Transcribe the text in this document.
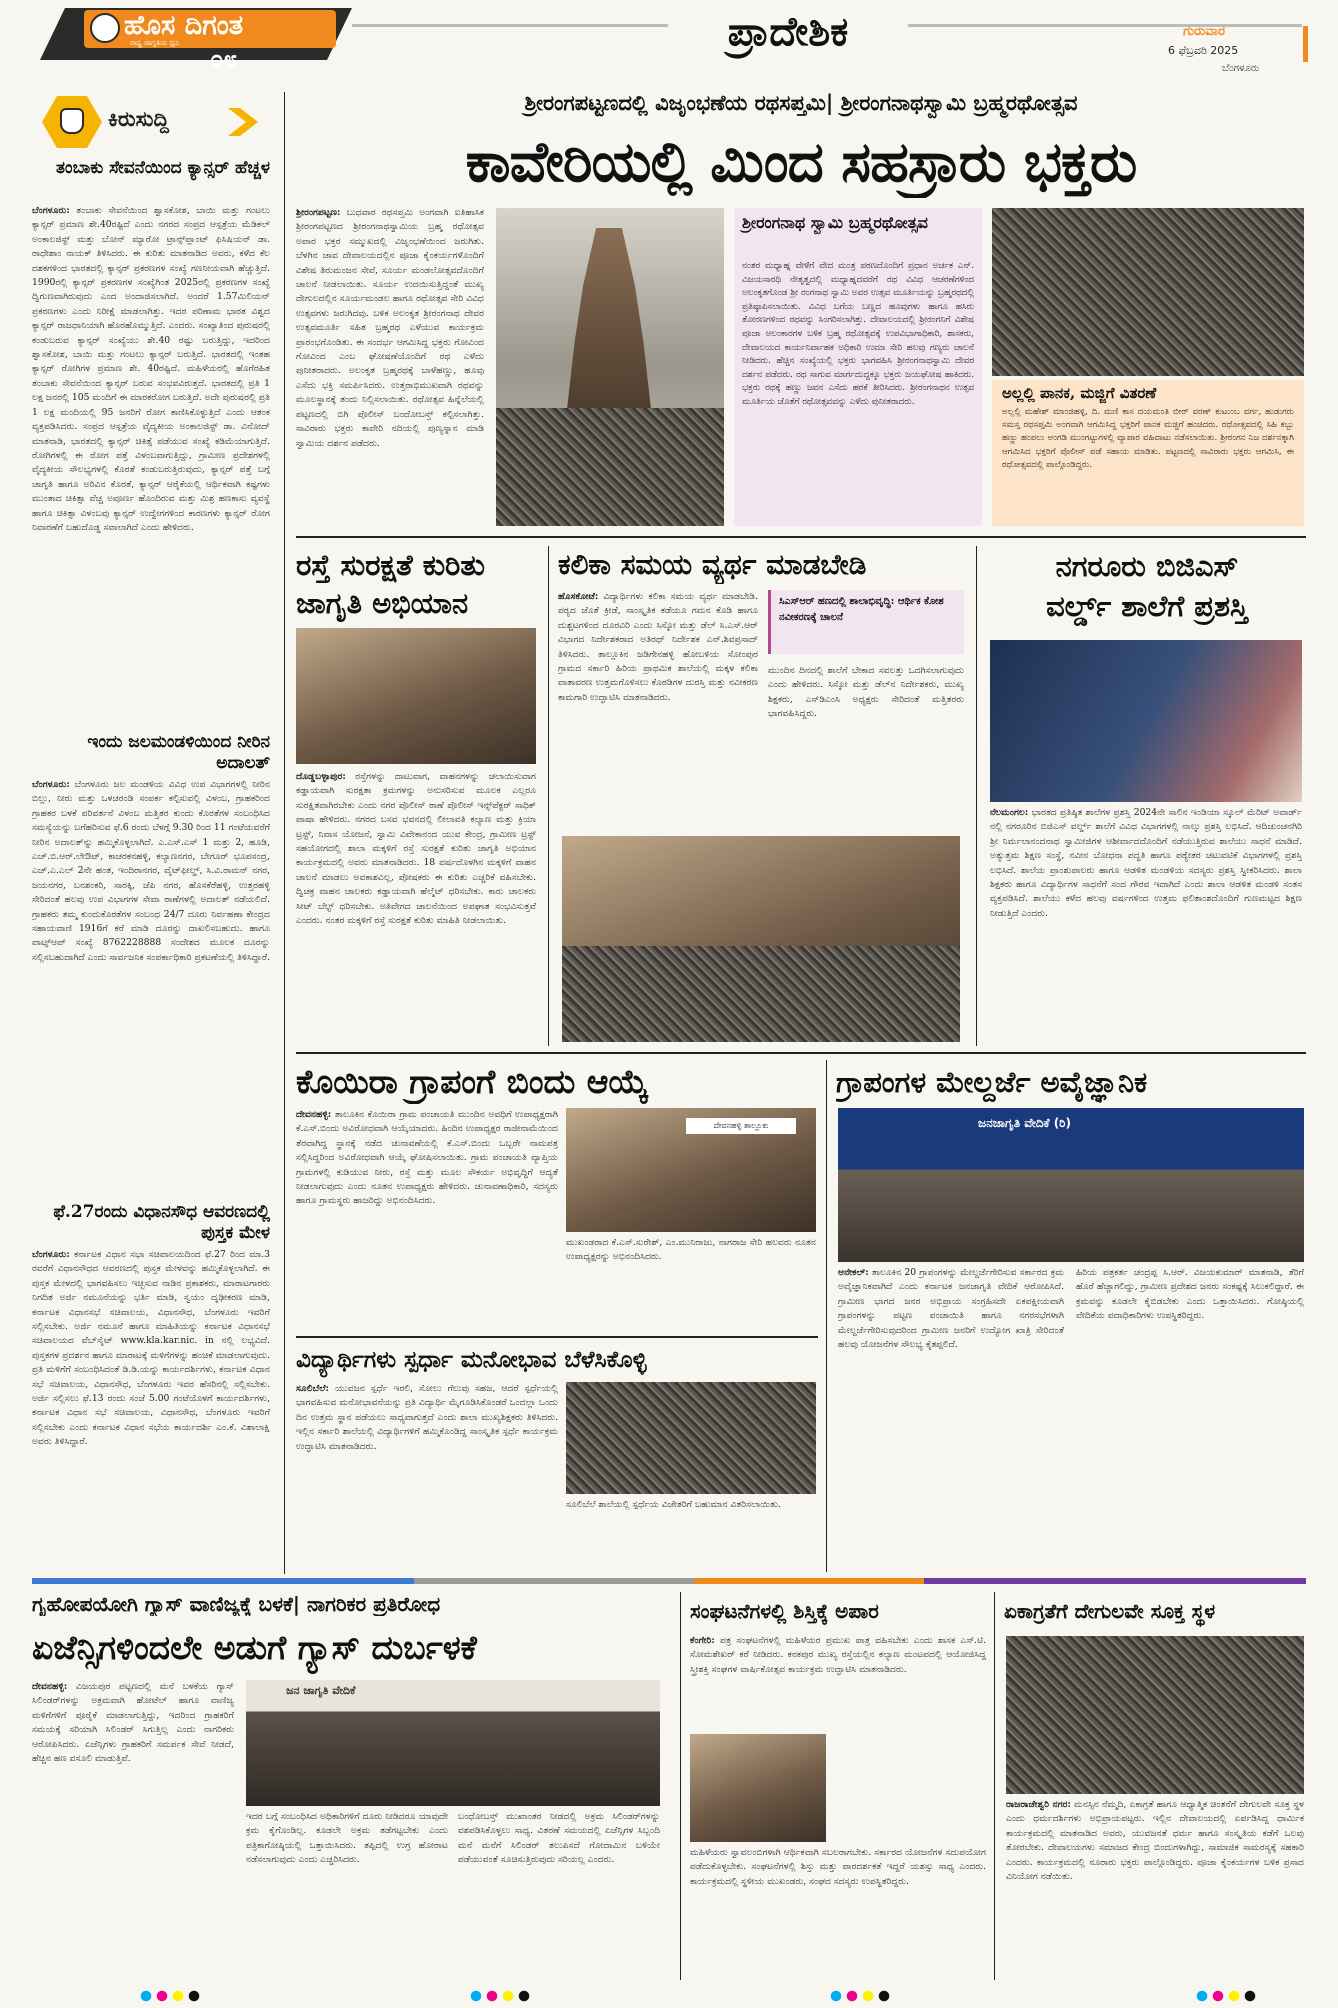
ಹೊಸ ದಿಗಂತ
ರಾಷ್ಟ್ರ ಜಾಗೃತಿಯ ಧ್ವನಿ
೦೮
ಪ್ರಾದೇಶಿಕ	ಗುರುವಾರ
6 ಫೆಬ್ರವರಿ 2025
ಬೆಂಗಳೂರು
ಕಿರುಸುದ್ದಿ
ತಂಬಾಕು ಸೇವನೆಯಿಂದ ಕ್ಯಾನ್ಸರ್ ಹೆಚ್ಚಳ
ಬೆಂಗಳೂರು: ತಂಬಾಕು ಸೇವನೆಯಿಂದ ಶ್ವಾಸಕೋಶ, ಬಾಯಿ ಮತ್ತು ಗಂಟಲು ಕ್ಯಾನ್ಸರ್ ಪ್ರಮಾಣ ಶೇ.40ರಷ್ಟಿದೆ ಎಂದು ನಗರದ ಸಂಪ್ರದ ಆಸ್ಪತ್ರೆಯ ಮೆಡಿಕಲ್ ಅಂಕಾಲಜಿಸ್ಟ್ ಮತ್ತು ಬೋನ್ ಮ್ಯಾರೋ ಟ್ರಾನ್ಸ್‌ಪ್ಲಾಂಟ್ ಫಿಸಿಷಿಯನ್ ಡಾ. ರಾಧೇಶಾಂ ನಾಯಕ್ ತಿಳಿಸಿದರು. ಈ ಕುರಿತು ಮಾತನಾಡಿದ ಅವರು, ಕಳೆದ ಕೆಲ ದಶಕಗಳಿಂದ ಭಾರತದಲ್ಲಿ ಕ್ಯಾನ್ಸರ್ ಪ್ರಕರಣಗಳ ಸಂಖ್ಯೆ ಗಣನೀಯವಾಗಿ ಹೆಚ್ಚುತ್ತಿದೆ. 1990ರಲ್ಲಿ ಕ್ಯಾನ್ಸರ್ ಪ್ರಕರಣಗಳ ಸಂಖ್ಯೆಗಿಂತ 2025ರಲ್ಲಿ ಪ್ರಕರಣಗಳ ಸಂಖ್ಯೆ ದ್ವಿಗುಣವಾಗಿರುವುದು ಎಂದ ಅಂದಾಜಿಸಲಾಗಿದೆ. ಅಂದರೆ 1.57ಮಿಲಿಯನ್ ಪ್ರಕರಣಗಳು ಎಂದು ನಿರೀಕ್ಷೆ ಮಾಡಲಾಗಿತ್ತು. ಇದರ ಪರಿಣಾಮ ಭಾರತ ವಿಶ್ವದ ಕ್ಯಾನ್ಸರ್ ರಾಜಧಾನಿಯಾಗಿ ಹೊರಹೊಮ್ಮುತ್ತಿದೆ. ಎಂದರು. ಸಂಖ್ಯಾತಿಂದ ಪುರುಷರಲ್ಲಿ ಕಂಡುಬರುವ ಕ್ಯಾನ್ಸರ್ ಸಂಖ್ಯೆಯು ಶೇ.40 ರಷ್ಟು ಬರುತ್ತಿದ್ದು, ಇದರಿಂದ ಶ್ವಾಸಕೋಶ, ಬಾಯಿ ಮತ್ತು ಗಂಟಲು ಕ್ಯಾನ್ಸರ್ ಬರುತ್ತಿದೆ. ಭಾರತದಲ್ಲಿ ಇಂತಹ ಕ್ಯಾನ್ಸರ್ ರೋಗಿಗಳ ಪ್ರಮಾಣ ಶೇ. 40ರಷ್ಟಿದೆ. ಮಹಿಳೆಯರಲ್ಲಿ ಹೊಗೆರಹಿತ ತಂಬಾಕು ಸೇವನೆಯಿಂದ ಕ್ಯಾನ್ಸರ್ ಬರುವ ಸಂಭವವಿರುತ್ತದೆ. ಭಾರತದಲ್ಲಿ ಪ್ರತಿ 1 ಲಕ್ಷ ಜನರಲ್ಲಿ 105 ಮಂದಿಗೆ ಈ ಮಾರಕರೋಗ ಬರುತ್ತಿದೆ. ಅದೇ ಪುರುಷರಲ್ಲಿ ಪ್ರತಿ 1 ಲಕ್ಷ ಮಂದಿಯಲ್ಲಿ 95 ಜನರಿಗೆ ರೋಗ ಕಾಣಿಸಿಕೊಳ್ಳುತ್ತಿದೆ ಎಂದು ಆತಂಕ ವ್ಯಕ್ತಪಡಿಸಿದರು. ಸಂಪ್ರದ ಆಸ್ಪತ್ರೆಯ ವೈದ್ಯಕೀಯ ಅಂಕಾಲಜಿಸ್ಟ್ ಡಾ. ವಿನೋದ್ ಮಾತನಾಡಿ, ಭಾರತದಲ್ಲಿ ಕ್ಯಾನ್ಸರ್ ಚಿಕಿತ್ಸೆ ಪಡೆಯುವ ಸಂಖ್ಯೆ ಕಡಿಮೆಯಾಗುತ್ತಿದೆ. ರೋಗಿಗಳಲ್ಲಿ ಈ ರೋಗ ಪತ್ತೆ ವಿಳಂಬವಾಗುತ್ತಿದ್ದು, ಗ್ರಾಮೀಣ ಪ್ರದೇಶಗಳಲ್ಲಿ ವೈದ್ಯಕೀಯ ಸೌಲಭ್ಯಗಳಲ್ಲಿ ಕೊರತೆ ಕಂಡುಬರುತ್ತಿರುವುದು, ಕ್ಯಾನ್ಸರ್ ಪತ್ತೆ ಬಗ್ಗೆ ಜಾಗೃತಿ ಹಾಗೂ ಅರಿವಿನ ಕೊರತೆ, ಕ್ಯಾನ್ಸರ್ ಆರೈಕೆಯಲ್ಲಿ ಆರ್ಥಿಕವಾಗಿ ಕಷ್ಟಗಳು ಮುಂತಾದ ಚಿಕಿತ್ಸಾ ವೆಚ್ಚ ಅಪೂರ್ಣ ಹೊಂದಿರುವ ಮತ್ತು ಮಿಶ್ರ ಹಣಕಾಸು ವ್ಯವಸ್ಥೆ ಹಾಗೂ ಚಿಕಿತ್ಸಾ ವಿಳಂಬವು ಕ್ಯಾನ್ಸರ್ ಉದ್ವೇಗಗಳಿಂದ ಕಾರಣಗಳು ಕ್ಯಾನ್ಸರ್ ರೋಗ ನಿವಾರಣೆಗೆ ಬಹುದೊಡ್ಡ ಸವಾಲಾಗಿದೆ ಎಂದು ಹೇಳಿದರು.
ಇಂದು ಜಲಮಂಡಳಿಯಿಂದ ನೀರಿನ ಅದಾಲತ್
ಬೆಂಗಳೂರು: ಬೆಂಗಳೂರು ಜಲ ಮಂಡಳಿಯ ವಿವಿಧ ಉಪ ವಿಭಾಗಗಳಲ್ಲಿ ನೀರಿನ ಬಿಲ್ಲು, ನೀರು ಮತ್ತು ಒಳಚರಂಡಿ ಸಂಪರ್ಕ ಕಲ್ಪಿಸುವಲ್ಲಿ ವಿಳಂಬ, ಗ್ರಾಹಕರಿಂದ ಗ್ರಾಹಕರ ಬಳಕೆ ಪರಿವರ್ತನೆ ವಿಳಂಬ ಮತ್ತಿತರ ಕುಂದು ಕೊರತೆಗಳ ಸಂಬಂಧಿಸಿದ ಸಮಸ್ಯೆಯನ್ನು ಬಗೆಹರಿಸುವ ಫೆ.6 ರಂದು ಬೆಳಗ್ಗೆ 9.30 ರಿಂದ 11 ಗಂಟೆಯವರೆಗೆ ನೀರಿನ ಅದಾಲತ್‌ನ್ನು ಹಮ್ಮಿಕೊಳ್ಳಲಾಗಿದೆ. ಎ.ಎಸ್.ಎಸ್ 1 ಮತ್ತು 2, ಹೂಡಿ, ಎಚ್.ಬಿ.ಆರ್.ಲೇಔಟ್, ಕಾಚರಕನಹಳ್ಳಿ, ಕಲ್ಯಾಣನಗರ, ಬೇಗೂರ್ ಭೂಪಸಂದ್ರ, ಎಚ್.ಎ.ಎಲ್ 2ನೇ ಹಂತ, ಇಂದಿರಾನಗರ, ವೈಟ್‌ಫೀಲ್ಡ್, ಸಿ.ವಿ.ರಾಮನ್ ನಗರ, ಜಯನಗರ, ಬನಶಂಕರಿ, ಸಾರಕ್ಕಿ, ಜೆಪಿ ನಗರ, ಹೊಸಕೆರೆಹಳ್ಳಿ, ಉತ್ತರಹಳ್ಳಿ ಸೇರಿದಂತೆ ಹಲವು ಉಪ ವಿಭಾಗಗಳ ಸೇವಾ ಠಾಣೆಗಳಲ್ಲಿ ಅದಾಲತ್ ನಡೆಯಲಿದೆ. ಗ್ರಾಹಕರು ತಮ್ಮ ಕುಂದುಕೊರತೆಗಳ ಸಂಬಂಧ 24/7 ದೂರು ನಿರ್ವಹಣಾ ಕೇಂದ್ರದ ಸಹಾಯವಾಣಿ 1916ಗೆ ಕರೆ ಮಾಡಿ ದೂರನ್ನು ದಾಖಲಿಸಬಹುದು. ಹಾಗೂ ವಾಟ್ಸ್‌ಆಪ್ ಸಂಖ್ಯೆ 8762228888 ಸಂದೇಶದ ಮೂಲಕ ದೂರನ್ನು ಸಲ್ಲಿಸಬಹುದಾಗಿದೆ ಎಂದು ಸಾರ್ವಜನಿಕ ಸಂಪರ್ಕಾಧಿಕಾರಿ ಪ್ರಕಟಣೆಯಲ್ಲಿ ತಿಳಿಸಿದ್ದಾರೆ.
ಫೆ.27ರಂದು ವಿಧಾನಸೌಧ ಆವರಣದಲ್ಲಿ ಪುಸ್ತಕ ಮೇಳ
ಬೆಂಗಳೂರು: ಕರ್ನಾಟಕ ವಿಧಾನ ಸಭಾ ಸಚಿವಾಲಯದಿಂದ ಫೆ.27 ರಿಂದ ಮಾ.3 ರವರೆಗೆ ವಿಧಾನಸೌಧದ ಆವರಣದಲ್ಲಿ ಪುಸ್ತಕ ಮೇಳವನ್ನು ಹಮ್ಮಿಕೊಳ್ಳಲಾಗಿದೆ. ಈ ಪುಸ್ತಕ ಮೇಳದಲ್ಲಿ ಭಾಗವಹಿಸಲು ಇಚ್ಛಿಸುವ ನಾಡಿನ ಪ್ರಕಾಶಕರು, ಮಾರಾಟಗಾರರು ನಿಗದಿತ ಅರ್ಜಿ ನಮೂನೆಯನ್ನು ಭರ್ತಿ ಮಾಡಿ, ಸ್ವಯಂ ದೃಢೀಕರಣ ಮಾಡಿ, ಕರ್ನಾಟಕ ವಿಧಾನಸಭೆ ಸಚಿವಾಲಯ, ವಿಧಾನಸೌಧ, ಬೆಂಗಳೂರು ಇವರಿಗೆ ಸಲ್ಲಿಸಬೇಕು. ಅರ್ಜಿ ನಮೂನೆ ಹಾಗೂ ಮಾಹಿತಿಯನ್ನು ಕರ್ನಾಟಕ ವಿಧಾನಸಭೆ ಸಚಿವಾಲಯದ ವೆಬ್‌ಸೈಟ್ www.kla.kar.nic. in ನಲ್ಲಿ ಲಭ್ಯವಿದೆ. ಪುಸ್ತಕಗಳ ಪ್ರದರ್ಶನ ಹಾಗೂ ಮಾರಾಟಕ್ಕೆ ಮಳಿಗೆಗಳನ್ನು ಹಂಚಿಕೆ ಮಾಡಲಾಗುವುದು. ಪ್ರತಿ ಮಳಿಗೆಗೆ ಸಂಬಂಧಿಸಿದಂತೆ ಡಿ.ಡಿ.ಯನ್ನು ಕಾರ್ಯದರ್ಶಿಗಳು, ಕರ್ನಾಟಕ ವಿಧಾನ ಸಭೆ ಸಚಿವಾಲಯ, ವಿಧಾನಸೌಧ, ಬೆಂಗಳೂರು ಇವರ ಹೆಸರಿನಲ್ಲಿ ಸಲ್ಲಿಸಬೇಕು. ಅರ್ಜಿ ಸಲ್ಲಿಸಲು ಫೆ.13 ರಂದು ಸಂಜೆ 5.00 ಗಂಟೆಯೊಳಗೆ ಕಾರ್ಯದರ್ಶಿಗಳು, ಕರ್ನಾಟಕ ವಿಧಾನ ಸಭೆ ಸಚಿವಾಲಯ, ವಿಧಾನಸೌಧ, ಬೆಂಗಳೂರು ಇವರಿಗೆ ಸಲ್ಲಿಸಬೇಕು ಎಂದು ಕರ್ನಾಟಕ ವಿಧಾನ ಸಭೆಯ ಕಾರ್ಯದರ್ಶಿ ಎಂ.ಕೆ. ವಿಶಾಲಾಕ್ಷಿ ಅವರು ತಿಳಿಸಿದ್ದಾರೆ.
ಶ್ರೀರಂಗಪಟ್ಟಣದಲ್ಲಿ ವಿಜೃಂಭಣೆಯ ರಥಸಪ್ತಮಿ| ಶ್ರೀರಂಗನಾಥಸ್ವಾಮಿ ಬ್ರಹ್ಮರಥೋತ್ಸವ
ಕಾವೇರಿಯಲ್ಲಿ ಮಿಂದ ಸಹಸ್ರಾರು ಭಕ್ತರು
ಶ್ರೀರಂಗಪಟ್ಟಣ: ಬುಧವಾರ ರಥಸಪ್ತಮಿ ಅಂಗವಾಗಿ ಐತಿಹಾಸಿಕ ಶ್ರೀರಂಗಪಟ್ಟಣದ ಶ್ರೀರಂಗನಾಥಸ್ವಾಮಿಯ ಬ್ರಹ್ಮ ರಥೋತ್ಸವ ಅಪಾರ ಭಕ್ತರ ಸಮ್ಮುಖದಲ್ಲಿ ವಿಜೃಂಭಣೆಯಿಂದ ಜರುಗಿತು. ಬೆಳಗಿನ ಜಾವ ದೇವಾಲಯದಲ್ಲಿನ ಪೂಜಾ ಕೈಂಕರ್ಯಗಳೊಂದಿಗೆ ವಿಶೇಷ ತಿರುಮಂಜನ ಸೇವೆ, ಸೂರ್ಯ ಮಂಡಲೋತ್ಸವದೊಂದಿಗೆ ಚಾಲನೆ ನೀಡಲಾಯಿತು. ಸೂರ್ಯ ಉದಯಿಸುತ್ತಿದ್ದಂತೆ ಮುಖ್ಯ ದೇಗುಲದಲ್ಲಿನ ಸೂರ್ಯಮಂಡಲ ಹಾಗೂ ರಥೋತ್ಸವ ಸೇರಿ ವಿವಿಧ ಉತ್ಸವಗಳು ಜರುಗಿದವು. ಬಳಿಕ ಅಲಂಕೃತ ಶ್ರೀರಂಗನಾಥ ದೇವರ ಉತ್ಸವಮೂರ್ತಿ ಸಹಿತ ಬ್ರಹ್ಮರಥ ಎಳೆಯುವ ಕಾರ್ಯಕ್ರಮ ಪ್ರಾರಂಭಗೊಂಡಿತು. ಈ ಸಂದರ್ಭ ಆಗಮಿಸಿದ್ದ ಭಕ್ತರು ಗೋವಿಂದ ಗೋವಿಂದ ಎಂಬ ಘೋಷಣೆಯೊಂದಿಗೆ ರಥ ಎಳೆದು ಪುನೀತರಾದರು. ಅಲಂಕೃತ ಬ್ರಹ್ಮರಥಕ್ಕೆ ಬಾಳೆಹಣ್ಣು, ಹೂವು ಎಸೆದು ಭಕ್ತಿ ಸಮರ್ಪಿಸಿದರು. ಉತ್ತರಾಭಿಮುಖವಾಗಿ ರಥವನ್ನು ಮೂಲಸ್ಥಾನಕ್ಕೆ ತಂದು ನಿಲ್ಲಿಸಲಾಯಿತು. ರಥೋತ್ಸವ ಹಿನ್ನೆಲೆಯಲ್ಲಿ ಪಟ್ಟಣದಲ್ಲಿ ಬಿಗಿ ಪೊಲೀಸ್ ಬಂದೋಬಸ್ತ್ ಕಲ್ಪಿಸಲಾಗಿತ್ತು. ಸಾವಿರಾರು ಭಕ್ತರು ಕಾವೇರಿ ನದಿಯಲ್ಲಿ ಪುಣ್ಯಸ್ನಾನ ಮಾಡಿ ಸ್ವಾಮಿಯ ದರ್ಶನ ಪಡೆದರು.
ಶ್ರೀರಂಗನಾಥ ಸ್ವಾಮಿ ಬ್ರಹ್ಮರಥೋತ್ಸವ
ನಂತರ ಮಧ್ಯಾಹ್ನ ವೇಳೆಗೆ ವೇದ ಮಂತ್ರ ಪಠಣದೊಂದಿಗೆ ಪ್ರಧಾನ ಅರ್ಚಕ ಎನ್. ವಿಜಯಸಾರಥಿ ನೇತೃತ್ವದಲ್ಲಿ ಮಧ್ಯಾಹ್ನದವರೆಗೆ ರಥ ವಿವಿಧ ಆಚರಣೆಗಳಿಂದ ಅಲಂಕೃತಗೊಂಡ ಶ್ರೀ ರಂಗನಾಥ ಸ್ವಾಮಿ ಅವರ ಉತ್ಸವ ಮೂರ್ತಿಯನ್ನು ಬ್ರಹ್ಮರಥದಲ್ಲಿ ಪ್ರತಿಷ್ಠಾಪಿಸಲಾಯಿತು. ವಿವಿಧ ಬಗೆಯ ಬಣ್ಣದ ಹೂವುಗಳು ಹಾಗೂ ಹಸಿರು ತೋರಣಗಳಿಂದ ರಥವನ್ನು ಸಿಂಗರಿಸಲಾಗಿತ್ತು. ದೇವಾಲಯದಲ್ಲಿ ಶ್ರೀರಂಗನಿಗೆ ವಿಶೇಷ ಪೂಜಾ ಅಲಂಕಾರಗಳ ಬಳಿಕ ಬ್ರಹ್ಮ ರಥೋತ್ಸವಕ್ಕೆ ಉಪವಿಭಾಗಾಧಿಕಾರಿ, ಶಾಸಕರು, ದೇವಾಲಯದ ಕಾರ್ಯನಿರ್ವಾಹಕ ಅಧಿಕಾರಿ ಉಮಾ ಸೇರಿ ಹಲವು ಗಣ್ಯರು ಚಾಲನೆ ನೀಡಿದರು. ಹೆಚ್ಚಿನ ಸಂಖ್ಯೆಯಲ್ಲಿ ಭಕ್ತರು ಭಾಗವಹಿಸಿ ಶ್ರೀರಂಗನಾಥಸ್ವಾಮಿ ದೇವರ ದರ್ಶನ ಪಡೆದರು. ರಥ ಸಾಗುವ ಮಾರ್ಗದುದ್ದಕ್ಕೂ ಭಕ್ತರು ಜಯಘೋಷ ಹಾಕಿದರು. ಭಕ್ತರು ರಥಕ್ಕೆ ಹಣ್ಣು ಜವನ ಎಸೆದು ಹರಕೆ ತೀರಿಸಿದರು. ಶ್ರೀರಂಗನಾಥನ ಉತ್ಸವ ಮೂರ್ತಿಯ ಜೊತೆಗೆ ರಥೋತ್ಸವವನ್ನು ಎಳೆದು ಪುನೀತರಾದರು.	ಅಲ್ಲಲ್ಲಿ ಪಾನಕ, ಮಜ್ಜಿಗೆ ವಿತರಣೆ
ಅಲ್ಲಲ್ಲಿ ಮಹೇಶ್ ಮಾಂಜಿಹಳ್ಳಿ, ದಿ. ಮಣಿ ಕಾಸ ದಯಮಂತಿ ಬೀರ್ ವರಣ್ ಕುಟುಂಬ ವರ್ಗ, ಹುಡುಗರು ಸಮಸ್ತ ರಥಸಪ್ತಮಿ ಅಂಗವಾಗಿ ಆಗಮಿಸಿದ್ದ ಭಕ್ತರಿಗೆ ಪಾನಕ ಮಜ್ಜಿಗೆ ಹಂಚಿದರು. ರಥೋತ್ಸವದಲ್ಲಿ ಸಿಹಿ ಕಬ್ಬು ಹಣ್ಣು ಹಂಪಲು ಅಂಗಡಿ ಮುಂಗಟ್ಟುಗಳಲ್ಲಿ ವ್ಯಾಪಾರ ವಹಿವಾಟು ನಡೆಸಲಾಯಿತು. ಶ್ರೀರಂಗನ ನಿಜ ದರ್ಶನಕ್ಕಾಗಿ ಆಗಮಿಸಿದ ಭಕ್ತರಿಗೆ ಪೊಲೀಸ್ ಪಡೆ ಸಹಾಯ ಮಾಡಿತು. ಪಟ್ಟಣದಲ್ಲಿ ಸಾವಿರಾರು ಭಕ್ತರು ಆಗಮಿಸಿ, ಈ ರಥೋತ್ಸವದಲ್ಲಿ ಪಾಲ್ಗೊಂಡಿದ್ದರು.
ರಸ್ತೆ ಸುರಕ್ಷತೆ ಕುರಿತು
ಜಾಗೃತಿ ಅಭಿಯಾನ
ದೊಡ್ಡಬಳ್ಳಾಪುರ: ರಸ್ತೆಗಳನ್ನು ದಾಟುವಾಗ, ವಾಹನಗಳನ್ನು ಚಲಾಯಿಸುವಾಗ ಕಡ್ಡಾಯವಾಗಿ ಸುರಕ್ಷತಾ ಕ್ರಮಗಳನ್ನು ಅನುಸರಿಸುವ ಮೂಲಕ ಎಲ್ಲರೂ ಸುರಕ್ಷಿತವಾಗಿರಬೇಕು ಎಂದು ನಗರ ಪೊಲೀಸ್ ಠಾಣೆ ಪೊಲೀಸ್ ಇನ್ಸ್‌ಪೆಕ್ಟರ್ ಸಾಧಿಕ್ ಪಾಷಾ ಹೇಳಿದರು. ನಗರದ ಬಸವ ಭವನದಲ್ಲಿ ಲೀಲಾವತಿ ಕಲ್ಯಾಣ ಮತ್ತು ಕ್ರಿಯಾ ಟ್ರಸ್ಟ್, ನಿವಾಸ ಯೋಜನೆ, ಸ್ವಾಮಿ ವಿವೇಕಾನಂದ ಯುವ ಕೇಂದ್ರ, ಗ್ರಾಮೀಣ ಟ್ರಸ್ಟ್ ಸಹಯೋಗದಲ್ಲಿ ಶಾಲಾ ಮಕ್ಕಳಿಗೆ ರಸ್ತೆ ಸುರಕ್ಷತೆ ಕುರಿತು ಜಾಗೃತಿ ಅಭಿಯಾನ ಕಾರ್ಯಕ್ರಮದಲ್ಲಿ ಅವರು ಮಾತನಾಡಿದರು. 18 ವರ್ಷದೊಳಗಿನ ಮಕ್ಕಳಿಗೆ ವಾಹನ ಚಾಲನೆ ಮಾಡಲು ಅವಕಾಶವಿಲ್ಲ, ಪೋಷಕರು ಈ ಕುರಿತು ಎಚ್ಚರಿಕೆ ವಹಿಸಬೇಕು. ದ್ವಿಚಕ್ರ ವಾಹನ ಚಾಲಕರು ಕಡ್ಡಾಯವಾಗಿ ಹೆಲ್ಮೆಟ್ ಧರಿಸಬೇಕು. ಕಾರು ಚಾಲಕರು ಸೀಟ್ ಬೆಲ್ಟ್ ಧರಿಸಬೇಕು. ಅತಿವೇಗದ ಚಾಲನೆಯಿಂದ ಅಪಘಾತ ಸಂಭವಿಸುತ್ತವೆ ಎಂದರು. ನಂತರ ಮಕ್ಕಳಿಗೆ ರಸ್ತೆ ಸುರಕ್ಷತೆ ಕುರಿತು ಮಾಹಿತಿ ನೀಡಲಾಯಿತು.
ಕಲಿಕಾ ಸಮಯ ವ್ಯರ್ಥ ಮಾಡಬೇಡಿ
ಹೊಸಕೋಟೆ: ವಿದ್ಯಾರ್ಥಿಗಳು ಕಲಿಕಾ ಸಮಯ ವ್ಯರ್ಥ ಮಾಡಬೇಡಿ. ಪಠ್ಯದ ಜೊತೆ ಕ್ರೀಡೆ, ಸಾಂಸ್ಕೃತಿಕ ಕಡೆಯೂ ಗಮನ ಕೊಡಿ ಹಾಗೂ ದುಶ್ಚಟಗಳಿಂದ ದೂರವಿರಿ ಎಂದು ಸಿಸ್ಕೋ ಮತ್ತು ಡೆಲ್ ಸಿ.ಎಸ್.ಆರ್ ವಿಭಾಗದ ನಿರ್ದೇಶಕರಾದ ಅತಿರಥ್ ನಿರ್ದೇಶಕ ಎನ್.ಶಿವಪ್ರಸಾದ್ ತಿಳಿಸಿದರು. ತಾಲ್ಲೂಕಿನ ಜಡಿಗೇನಹಳ್ಳಿ ಹೋಬಳಿಯ ಸೋಂಪುರ ಗ್ರಾಮದ ಸರ್ಕಾರಿ ಹಿರಿಯ ಪ್ರಾಥಮಿಕ ಶಾಲೆಯಲ್ಲಿ ಮಕ್ಕಳ ಕಲಿಕಾ ವಾತಾವರಣ ಉತ್ತಮಗೊಳಿಸಲು ಕೊಠಡಿಗಳ ದುರಸ್ತಿ ಮತ್ತು ನವೀಕರಣ ಕಾಮಗಾರಿ ಉದ್ಘಾಟಿಸಿ ಮಾತನಾಡಿದರು.
ಸಿಎಸ್ಆರ್ ಹಣದಲ್ಲಿ ಶಾಲಾಭಿವೃದ್ಧಿ: ಆರ್ಥಿಕ ಕೋಶ ನವೀಕರಣಕ್ಕೆ ಚಾಲನೆ
ಮುಂದಿನ ದಿನದಲ್ಲಿ ಶಾಲೆಗೆ ಬೇಕಾದ ಸವಲತ್ತು ಒದಗಿಸಲಾಗುವುದು ಎಂದು ಹೇಳಿದರು. ಸಿಸ್ಕೋ ಮತ್ತು ಡೆಲ್‌ನ ನಿರ್ದೇಶಕರು, ಮುಖ್ಯ ಶಿಕ್ಷಕರು, ಎಸ್‌ಡಿಎಂಸಿ ಅಧ್ಯಕ್ಷರು ಸೇರಿದಂತೆ ಮತ್ತಿತರರು ಭಾಗವಹಿಸಿದ್ದರು.
ನಗರೂರು ಬಿಜಿಎಸ್
ವರ್ಲ್ಡ್ ಶಾಲೆಗೆ ಪ್ರಶಸ್ತಿ
ನೆಲಮಂಗಲ: ಭಾರತದ ಪ್ರತಿಷ್ಠಿತ ಶಾಲೆಗಳ ಪ್ರಶಸ್ತಿ 2024ನೇ ಸಾಲಿನ ಇಂಡಿಯಾ ಸ್ಕೂಲ್ ಮೆರಿಟ್ ಅವಾರ್ಡ್ ನಲ್ಲಿ ನಗರೂರಿನ ಬಿಜಿಎಸ್ ವರ್ಲ್ಡ್ ಶಾಲೆಗೆ ವಿವಿಧ ವಿಭಾಗಗಳಲ್ಲಿ ನಾಲ್ಕು ಪ್ರಶಸ್ತಿ ಲಭಿಸಿದೆ. ಆದಿಚುಂಚನಗಿರಿ ಶ್ರೀ ನಿರ್ಮಲಾನಂದನಾಥ ಸ್ವಾಮೀಜಿಗಳ ಆಶೀರ್ವಾದದೊಂದಿಗೆ ನಡೆಯುತ್ತಿರುವ ಶಾಲೆಯು ಸಾಧನೆ ಮಾಡಿದೆ. ಅತ್ಯುತ್ತಮ ಶಿಕ್ಷಣ ಸಂಸ್ಥೆ, ನವೀನ ಬೋಧನಾ ಪದ್ಧತಿ ಹಾಗೂ ಪಠ್ಯೇತರ ಚಟುವಟಿಕೆ ವಿಭಾಗಗಳಲ್ಲಿ ಪ್ರಶಸ್ತಿ ಲಭಿಸಿದೆ. ಶಾಲೆಯ ಪ್ರಾಂಶುಪಾಲರು ಹಾಗೂ ಆಡಳಿತ ಮಂಡಳಿಯ ಸದಸ್ಯರು ಪ್ರಶಸ್ತಿ ಸ್ವೀಕರಿಸಿದರು. ಶಾಲಾ ಶಿಕ್ಷಕರು ಹಾಗೂ ವಿದ್ಯಾರ್ಥಿಗಳ ಸಾಧನೆಗೆ ಸಂದ ಗೌರವ ಇದಾಗಿದೆ ಎಂದು ಶಾಲಾ ಆಡಳಿತ ಮಂಡಳಿ ಸಂತಸ ವ್ಯಕ್ತಪಡಿಸಿದೆ. ಶಾಲೆಯು ಕಳೆದ ಹಲವು ವರ್ಷಗಳಿಂದ ಉತ್ತಮ ಫಲಿತಾಂಶದೊಂದಿಗೆ ಗುಣಮಟ್ಟದ ಶಿಕ್ಷಣ ನೀಡುತ್ತಿದೆ ಎಂದರು.
ಕೊಯಿರಾ ಗ್ರಾಪಂಗೆ ಬಿಂದು ಆಯ್ಕೆ
ದೇವನಹಳ್ಳಿ: ತಾಲೂಕಿನ ಕೊಯಿರಾ ಗ್ರಾಮ ಪಂಚಾಯತಿ ಮುಂದಿನ ಅವಧಿಗೆ ಉಪಾಧ್ಯಕ್ಷರಾಗಿ ಕೆ.ಎಸ್.ಬಿಂದು ಅವಿರೋಧವಾಗಿ ಆಯ್ಕೆಯಾದರು. ಹಿಂದಿನ ಉಪಾಧ್ಯಕ್ಷರ ರಾಜೀನಾಮೆಯಿಂದ ತೆರವಾಗಿದ್ದ ಸ್ಥಾನಕ್ಕೆ ನಡೆದ ಚುನಾವಣೆಯಲ್ಲಿ ಕೆ.ಎಸ್.ಬಿಂದು ಒಬ್ಬರೇ ನಾಮಪತ್ರ ಸಲ್ಲಿಸಿದ್ದರಿಂದ ಅವಿರೋಧವಾಗಿ ಆಯ್ಕೆ ಘೋಷಿಸಲಾಯಿತು. ಗ್ರಾಮ ಪಂಚಾಯತಿ ವ್ಯಾಪ್ತಿಯ ಗ್ರಾಮಗಳಲ್ಲಿ ಕುಡಿಯುವ ನೀರು, ರಸ್ತೆ ಮತ್ತು ಮೂಲ ಸೌಕರ್ಯ ಅಭಿವೃದ್ಧಿಗೆ ಆದ್ಯತೆ ನೀಡಲಾಗುವುದು ಎಂದು ನೂತನ ಉಪಾಧ್ಯಕ್ಷರು ಹೇಳಿದರು. ಚುನಾವಣಾಧಿಕಾರಿ, ಸದಸ್ಯರು ಹಾಗೂ ಗ್ರಾಮಸ್ಥರು ಹಾಜರಿದ್ದು ಅಭಿನಂದಿಸಿದರು.
ದೇವನಹಳ್ಳಿ ತಾಲ್ಲೂಕು
ಮುಖಂಡರಾದ ಕೆ.ಎಸ್.ಸುರೇಶ್, ಎಂ.ಮುನಿರಾಜು, ನಾಗರಾಜ ಸೇರಿ ಹಲವರು ನೂತನ ಉಪಾಧ್ಯಕ್ಷರನ್ನು ಅಭಿನಂದಿಸಿದರು.
ಗ್ರಾಪಂಗಳ ಮೇಲ್ದರ್ಜೆ ಅವೈಜ್ಞಾನಿಕ
ಜನಜಾಗೃತಿ ವೇದಿಕೆ (ರಿ)
ಆನೇಕಲ್: ತಾಲೂಕಿನ 20 ಗ್ರಾಪಂಗಳನ್ನು ಮೇಲ್ದರ್ಜೆಗೇರಿಸುವ ಸರ್ಕಾರದ ಕ್ರಮ ಅವೈಜ್ಞಾನಿಕವಾಗಿದೆ ಎಂದು ಕರ್ನಾಟಕ ಜನಜಾಗೃತಿ ವೇದಿಕೆ ಆರೋಪಿಸಿದೆ. ಗ್ರಾಮೀಣ ಭಾಗದ ಜನರ ಅಭಿಪ್ರಾಯ ಸಂಗ್ರಹಿಸದೇ ಏಕಪಕ್ಷೀಯವಾಗಿ ಗ್ರಾಪಂಗಳನ್ನು ಪಟ್ಟಣ ಪಂಚಾಯಿತಿ ಹಾಗೂ ನಗರಸಭೆಗಳಾಗಿ ಮೇಲ್ದರ್ಜೆಗೇರಿಸುವುದರಿಂದ ಗ್ರಾಮೀಣ ಜನರಿಗೆ ಉದ್ಯೋಗ ಖಾತ್ರಿ ಸೇರಿದಂತೆ ಹಲವು ಯೋಜನೆಗಳ ಸೌಲಭ್ಯ ಕೈತಪ್ಪಲಿದೆ.
ಹಿರಿಯ ಪತ್ರಕರ್ತ ಚಂದ್ರಪ್ಪ ಸಿ.ಆರ್. ವಿಜಯಕುಮಾರ್ ಮಾತನಾಡಿ, ತೆರಿಗೆ ಹೊರೆ ಹೆಚ್ಚಾಗಲಿದ್ದು, ಗ್ರಾಮೀಣ ಪ್ರದೇಶದ ಜನರು ಸಂಕಷ್ಟಕ್ಕೆ ಸಿಲುಕಲಿದ್ದಾರೆ. ಈ ಕ್ರಮವನ್ನು ಕೂಡಲೇ ಕೈಬಿಡಬೇಕು ಎಂದು ಒತ್ತಾಯಿಸಿದರು. ಗೋಷ್ಠಿಯಲ್ಲಿ ವೇದಿಕೆಯ ಪದಾಧಿಕಾರಿಗಳು ಉಪಸ್ಥಿತರಿದ್ದರು.
ವಿದ್ಯಾರ್ಥಿಗಳು ಸ್ಪರ್ಧಾ ಮನೋಭಾವ ಬೆಳೆಸಿಕೊಳ್ಳಿ
ಸೂಲಿಬೆಲೆ: ಯುವಜನ ಸ್ಪರ್ಧೆ ಇರಲಿ, ಸೋಲು ಗೆಲುವು ಸಹಜ, ಆದರೆ ಸ್ಪರ್ಧೆಯಲ್ಲಿ ಭಾಗವಹಿಸುವ ಮನೋಭಾವನೆಯನ್ನು ಪ್ರತಿ ವಿದ್ಯಾರ್ಥಿ ಮೈಗೂಡಿಸಿಕೊಂಡರೆ ಒಂದಲ್ಲಾ ಒಂದು ದಿನ ಉತ್ತಮ ಸ್ಥಾನ ಪಡೆಯಲು ಸಾಧ್ಯವಾಗುತ್ತದೆ ಎಂದು ಶಾಲಾ ಮುಖ್ಯಶಿಕ್ಷಕರು ತಿಳಿಸಿದರು. ಇಲ್ಲಿನ ಸರ್ಕಾರಿ ಶಾಲೆಯಲ್ಲಿ ವಿದ್ಯಾರ್ಥಿಗಳಿಗೆ ಹಮ್ಮಿಕೊಂಡಿದ್ದ ಸಾಂಸ್ಕೃತಿಕ ಸ್ಪರ್ಧೆ ಕಾರ್ಯಕ್ರಮ ಉದ್ಘಾಟಿಸಿ ಮಾತನಾಡಿದರು.
ಸೂಲಿಬೆಲೆ ಶಾಲೆಯಲ್ಲಿ ಸ್ಪರ್ಧೆಯ ವಿಜೇತರಿಗೆ ಬಹುಮಾನ ವಿತರಿಸಲಾಯಿತು.
ಗೃಹೋಪಯೋಗಿ ಗ್ಯಾಸ್ ವಾಣಿಜ್ಯಕ್ಕೆ ಬಳಕೆ| ನಾಗರಿಕರ ಪ್ರತಿರೋಧ
ಏಜೆನ್ಸಿಗಳಿಂದಲೇ ಅಡುಗೆ ಗ್ಯಾಸ್ ದುರ್ಬಳಕೆ
ದೇವನಹಳ್ಳಿ: ವಿಜಯಪುರ ಪಟ್ಟಣದಲ್ಲಿ ಮನೆ ಬಳಕೆಯ ಗ್ಯಾಸ್ ಸಿಲಿಂಡರ್‌ಗಳನ್ನು ಅಕ್ರಮವಾಗಿ ಹೋಟೆಲ್ ಹಾಗೂ ವಾಣಿಜ್ಯ ಮಳಿಗೆಗಳಿಗೆ ಪೂರೈಕೆ ಮಾಡಲಾಗುತ್ತಿದ್ದು, ಇದರಿಂದ ಗ್ರಾಹಕರಿಗೆ ಸಮಯಕ್ಕೆ ಸರಿಯಾಗಿ ಸಿಲಿಂಡರ್ ಸಿಗುತ್ತಿಲ್ಲ ಎಂದು ನಾಗರಿಕರು ಆರೋಪಿಸಿದರು. ಏಜೆನ್ಸಿಗಳು ಗ್ರಾಹಕರಿಗೆ ಸಮರ್ಪಕ ಸೇವೆ ನೀಡದೆ, ಹೆಚ್ಚಿನ ಹಣ ವಸೂಲಿ ಮಾಡುತ್ತಿವೆ.
ಜನ ಜಾಗೃತಿ ವೇದಿಕೆ
ಇದರ ಬಗ್ಗೆ ಸಂಬಂಧಿಸಿದ ಅಧಿಕಾರಿಗಳಿಗೆ ದೂರು ನೀಡಿದರೂ ಯಾವುದೇ ಕ್ರಮ ಕೈಗೊಂಡಿಲ್ಲ. ಕೂಡಲೇ ಅಕ್ರಮ ತಡೆಗಟ್ಟಬೇಕು ಎಂದು ಪತ್ರಿಕಾಗೋಷ್ಠಿಯಲ್ಲಿ ಒತ್ತಾಯಿಸಿದರು. ತಪ್ಪಿದಲ್ಲಿ ಉಗ್ರ ಹೋರಾಟ ನಡೆಸಲಾಗುವುದು ಎಂದು ಎಚ್ಚರಿಸಿದರು.
ಬಂಧೋಬಸ್ತ್‌ ಮುಖಾಂತರ ನೀಡದಲ್ಲಿ ಅಕ್ರಮ ಸಿಲಿಂಡರ್‌ಗಳನ್ನು ವಶಪಡಿಸಿಕೊಳ್ಳಲು ಸಾಧ್ಯ. ವಿತರಣೆ ಸಮಯದಲ್ಲಿ ಏಜೆನ್ಸಿಗಳ ಸಿಬ್ಬಂದಿ ಮನೆ ಮನೆಗೆ ಸಿಲಿಂಡರ್ ತಲುಪಿಸದೆ ಗೋದಾಮಿನ ಬಳಿಯೇ ಪಡೆಯುವಂತೆ ಸೂಚಿಸುತ್ತಿರುವುದು ಸರಿಯಲ್ಲ ಎಂದರು.
ಸಂಘಟನೆಗಳಲ್ಲಿ ಶಿಸ್ತಿಕ್ಕೆ ಅಪಾರ
ಕೆಂಗೇರಿ: ಪತ್ರ ಸಂಘಟನೆಗಳಲ್ಲಿ ಮಹಿಳೆಯರ ಪ್ರಮುಖ ಪಾತ್ರ ವಹಿಸಬೇಕು ಎಂದು ಶಾಸಕ ಎಸ್.ಟಿ. ಸೋಮಶೇಖರ್ ಕರೆ ನೀಡಿದರು. ಕನಕಪುರ ಮುಖ್ಯ ರಸ್ತೆಯಲ್ಲಿನ ಕಲ್ಯಾಣ ಮಂಟಪದಲ್ಲಿ ಆಯೋಜಿಸಿದ್ದ ಸ್ತ್ರೀಶಕ್ತಿ ಸಂಘಗಳ ವಾರ್ಷಿಕೋತ್ಸವ ಕಾರ್ಯಕ್ರಮ ಉದ್ಘಾಟಿಸಿ ಮಾತನಾಡಿದರು.
ಮಹಿಳೆಯರು ಸ್ವಾವಲಂಬಿಗಳಾಗಿ ಆರ್ಥಿಕವಾಗಿ ಸಬಲರಾಗಬೇಕು. ಸರ್ಕಾರದ ಯೋಜನೆಗಳ ಸದುಪಯೋಗ ಪಡೆದುಕೊಳ್ಳಬೇಕು. ಸಂಘಟನೆಗಳಲ್ಲಿ ಶಿಸ್ತು ಮತ್ತು ಪಾರದರ್ಶಕತೆ ಇದ್ದರೆ ಯಶಸ್ಸು ಸಾಧ್ಯ ಎಂದರು. ಕಾರ್ಯಕ್ರಮದಲ್ಲಿ ಸ್ಥಳೀಯ ಮುಖಂಡರು, ಸಂಘದ ಸದಸ್ಯರು ಉಪಸ್ಥಿತರಿದ್ದರು.
ಏಕಾಗ್ರತೆಗೆ ದೇಗುಲವೇ ಸೂಕ್ತ ಸ್ಥಳ
ರಾಜರಾಜೇಶ್ವರಿ ನಗರ: ಮನಸ್ಸಿನ ನೆಮ್ಮದಿ, ಏಕಾಗ್ರತೆ ಹಾಗೂ ಆಧ್ಯಾತ್ಮಿಕ ಚಿಂತನೆಗೆ ದೇಗುಲವೇ ಸೂಕ್ತ ಸ್ಥಳ ಎಂದು ಧರ್ಮದರ್ಶಿಗಳು ಅಭಿಪ್ರಾಯಪಟ್ಟರು. ಇಲ್ಲಿನ ದೇವಾಲಯದಲ್ಲಿ ಏರ್ಪಡಿಸಿದ್ದ ಧಾರ್ಮಿಕ ಕಾರ್ಯಕ್ರಮದಲ್ಲಿ ಮಾತನಾಡಿದ ಅವರು, ಯುವಜನತೆ ಧರ್ಮ ಹಾಗೂ ಸಂಸ್ಕೃತಿಯ ಕಡೆಗೆ ಒಲವು ತೋರಬೇಕು. ದೇವಾಲಯಗಳು ಸಮಾಜದ ಕೇಂದ್ರ ಬಿಂದುಗಳಾಗಿದ್ದು, ಸಾಮಾಜಿಕ ಸಾಮರಸ್ಯಕ್ಕೆ ಸಹಕಾರಿ ಎಂದರು. ಕಾರ್ಯಕ್ರಮದಲ್ಲಿ ನೂರಾರು ಭಕ್ತರು ಪಾಲ್ಗೊಂಡಿದ್ದರು. ಪೂಜಾ ಕೈಂಕರ್ಯಗಳ ಬಳಿಕ ಪ್ರಸಾದ ವಿನಿಯೋಗ ನಡೆಯಿತು.
